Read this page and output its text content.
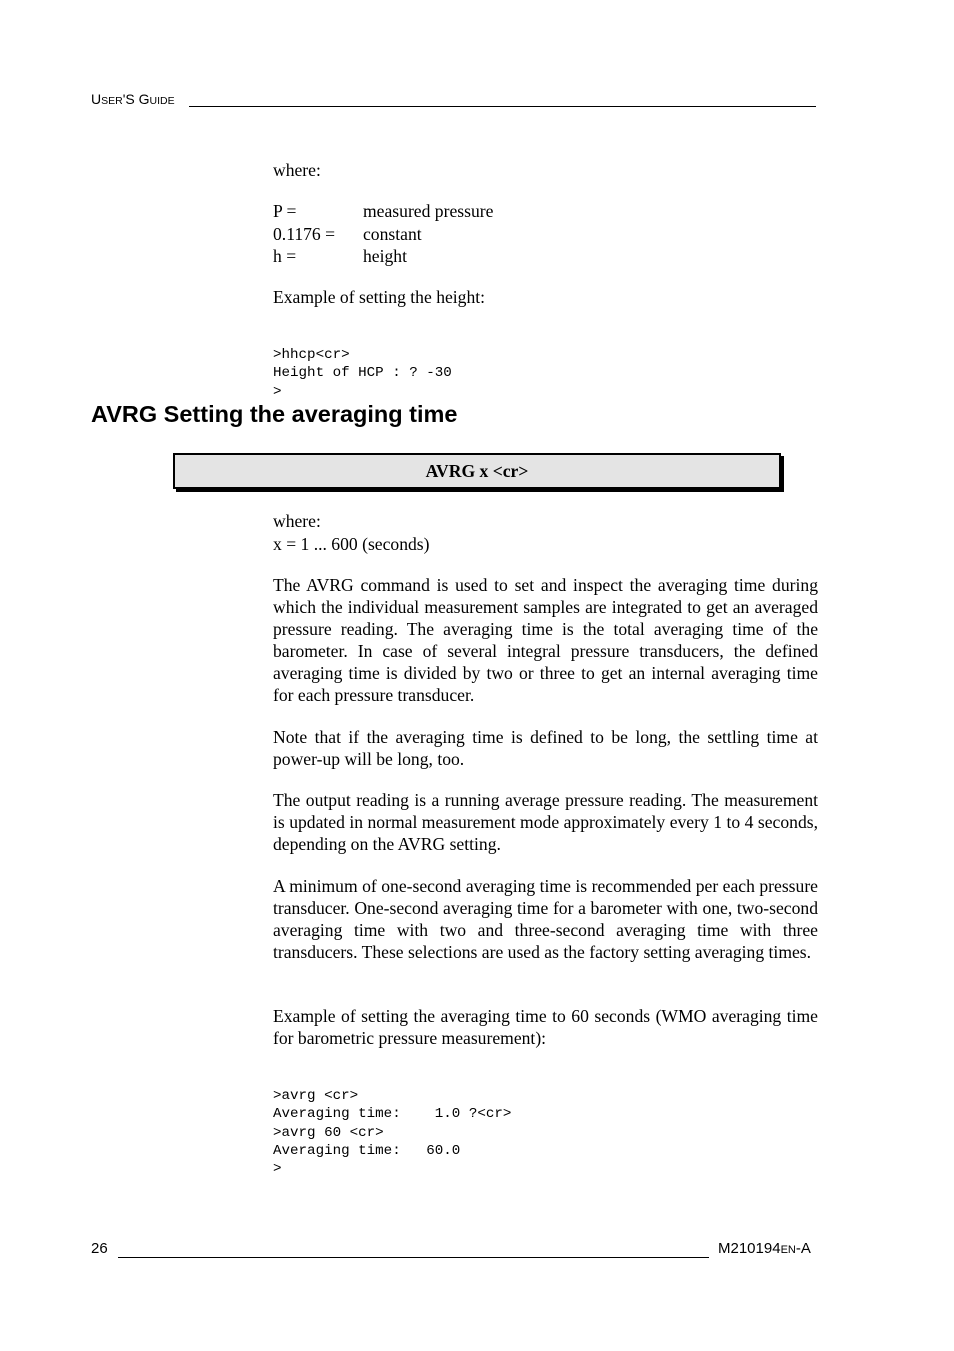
USER'S GUIDE
where:
P =	measured pressure
0.1176 =	constant
h =	height
Example of setting the height:

>hhcp<cr>
Height of HCP : ? -30
>

AVRG Setting the averaging time
AVRG x <cr>
where:
x = 1 ... 600 (seconds)
The AVRG command is used to set and inspect the averaging time during which the individual measurement samples are integrated to get an averaged pressure reading. The averaging time is the total averaging time of the barometer. In case of several integral pressure transducers, the defined averaging time is divided by two or three to get an internal averaging time for each pressure transducer.
Note that if the averaging time is defined to be long, the settling time at power-up will be long, too.
The output reading is a running average pressure reading. The measurement is updated in normal measurement mode approximately every 1 to 4 seconds, depending on the AVRG setting.
A minimum of one-second averaging time is recommended per each pressure transducer. One-second averaging time for a barometer with one, two-second averaging time with two and three-second averaging time with three transducers. These selections are used as the factory setting averaging times.
Example of setting the averaging time to 60 seconds (WMO averaging time for barometric pressure measurement):

>avrg <cr>
Averaging time:    1.0 ?<cr>
>avrg 60 <cr>
Averaging time:   60.0
>

26	M210194EN-A
